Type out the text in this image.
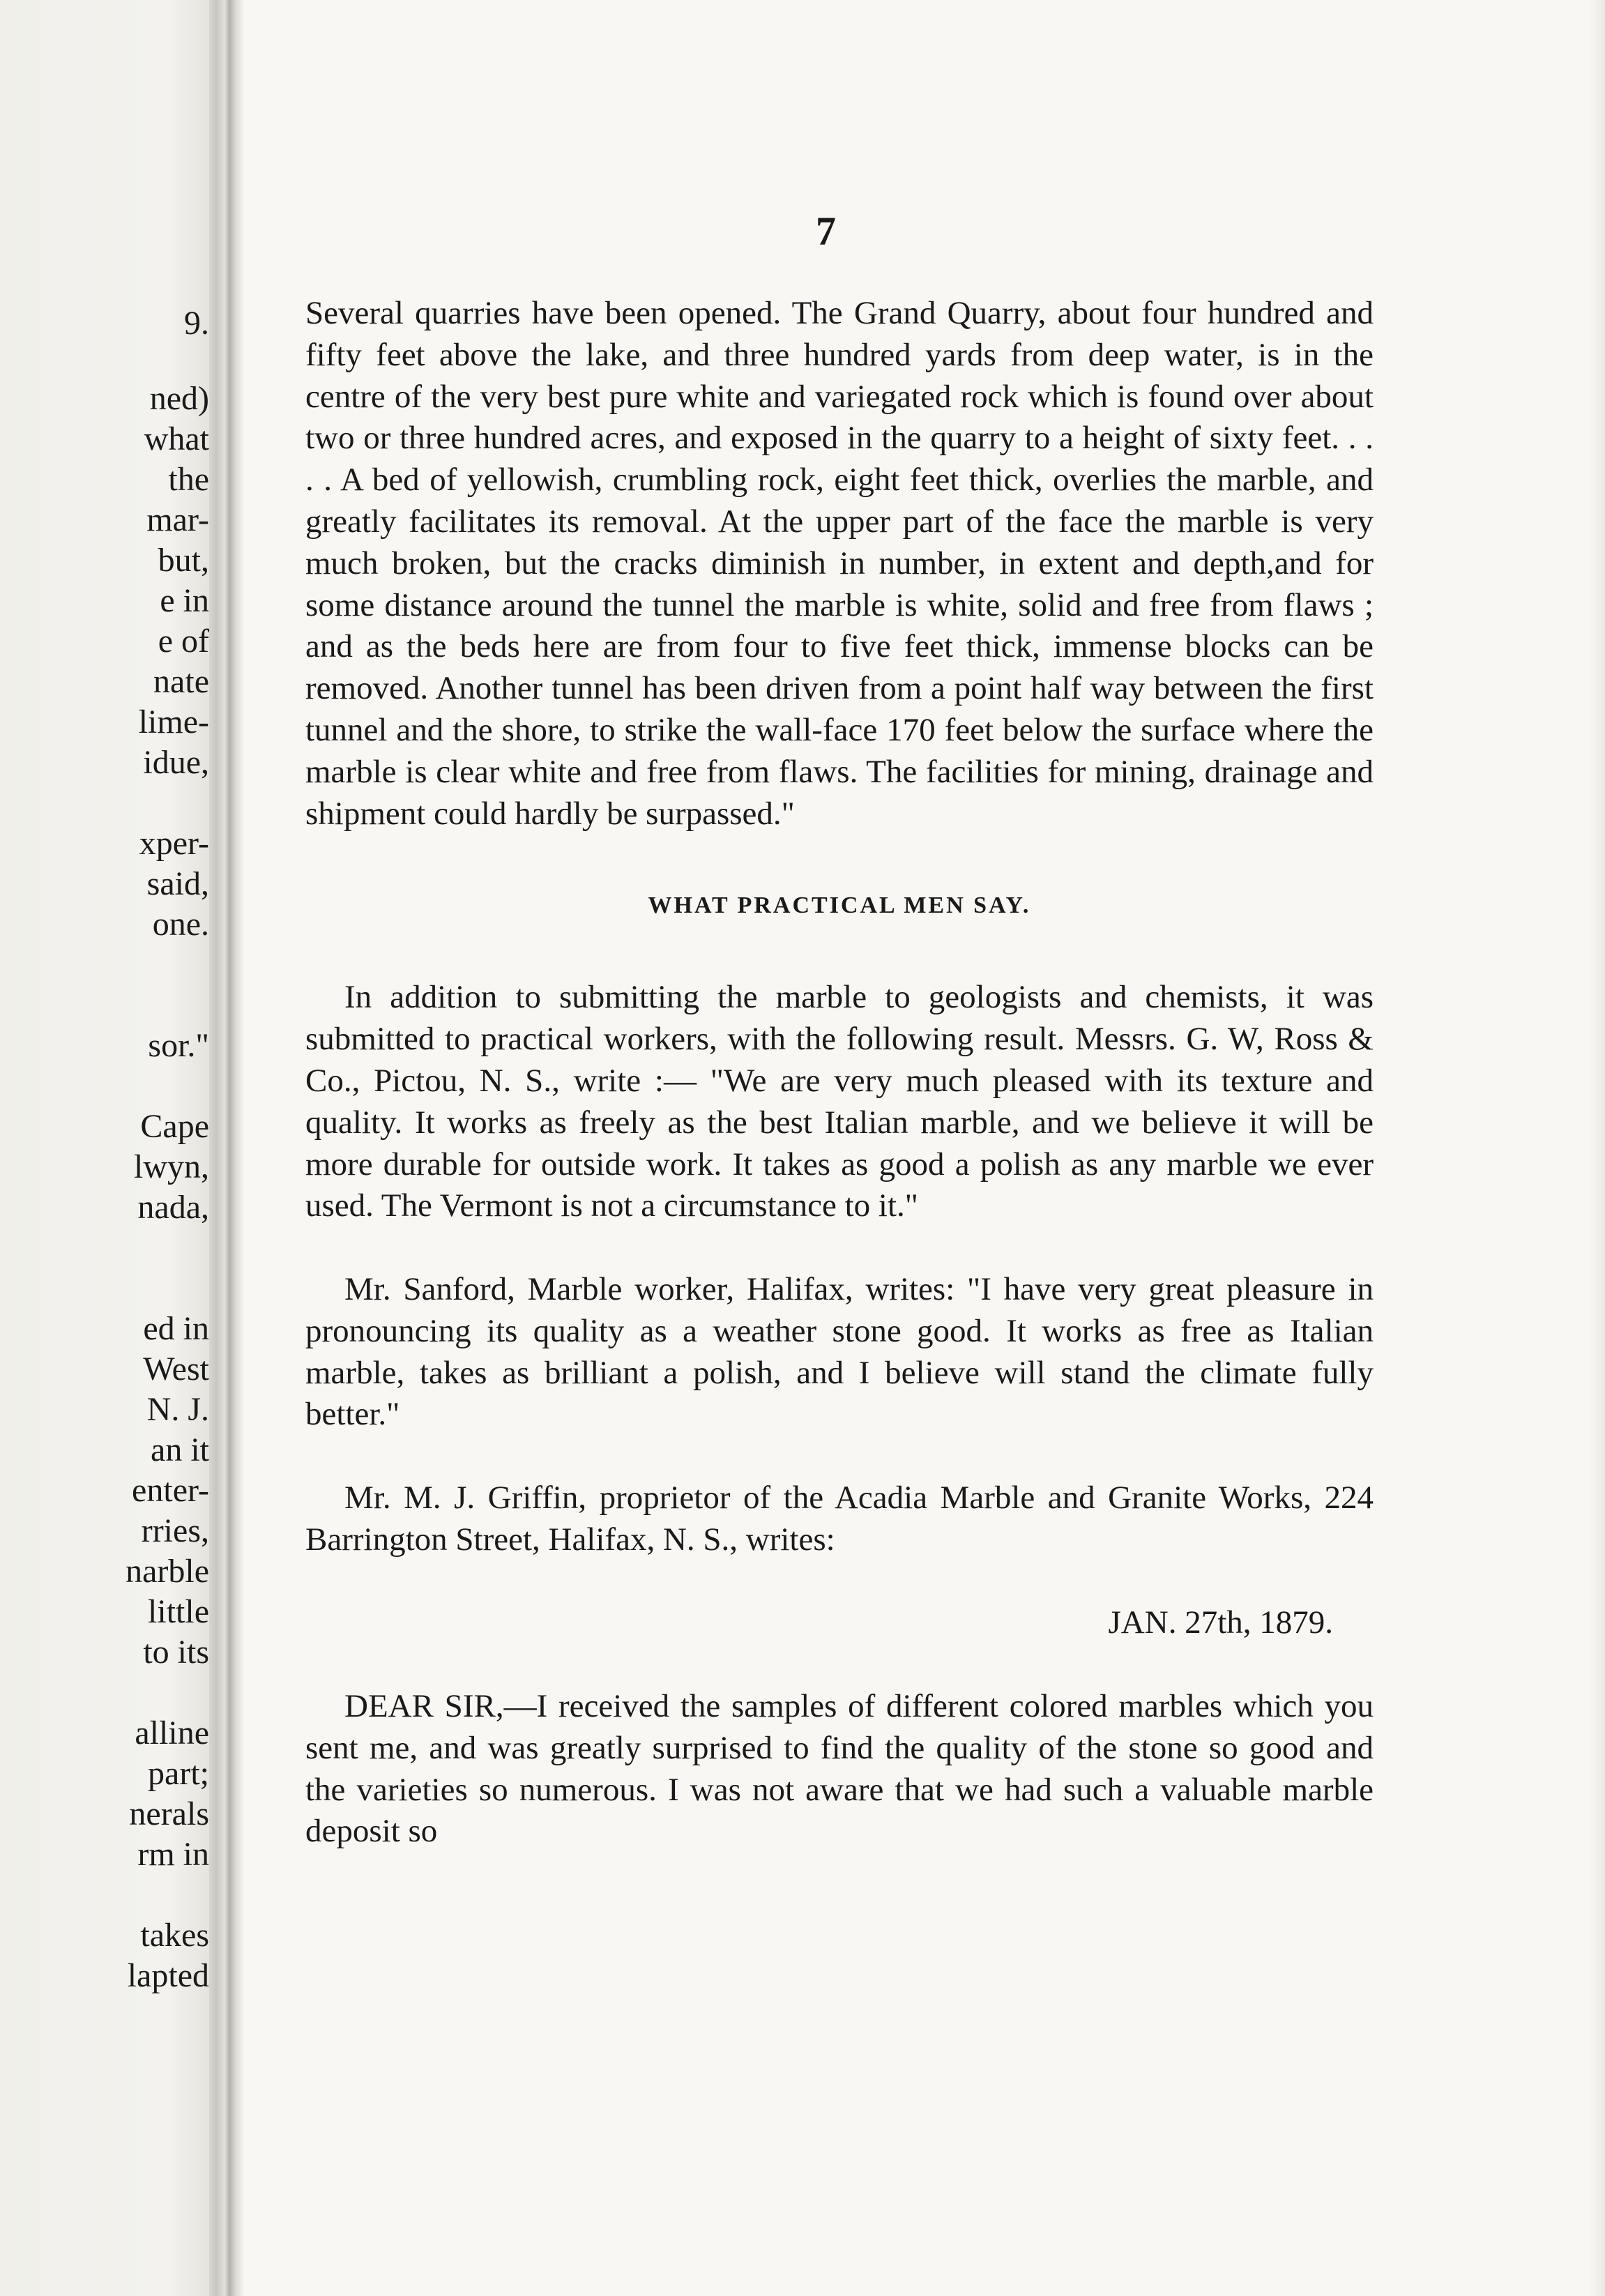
9.
ned)
what
the
mar-
but,
e in
e of
nate
lime-
idue,
xper-
said,
one.
sor."
Cape
lwyn,
nada,
ed in
West
N. J.
an it
enter-
rries,
narble
little
to its
alline
part;
nerals
rm in
takes
lapted
7

Several quarries have been opened. The Grand Quarry, about four hundred and fifty feet above the lake, and three hundred yards from deep water, is in the centre of the very best pure white and variegated rock which is found over about two or three hundred acres, and exposed in the quarry to a height of sixty feet. . . . . A bed of yellowish, crumbling rock, eight feet thick, overlies the marble, and greatly facilitates its removal. At the upper part of the face the marble is very much broken, but the cracks diminish in number, in extent and depth,and for some distance around the tunnel the marble is white, solid and free from flaws ; and as the beds here are from four to five feet thick, immense blocks can be removed. Another tunnel has been driven from a point half way between the first tunnel and the shore, to strike the wall-face 170 feet below the surface where the marble is clear white and free from flaws. The facilities for mining, drainage and shipment could hardly be surpassed."

WHAT PRACTICAL MEN SAY.

In addition to submitting the marble to geologists and chemists, it was submitted to practical workers, with the following result. Messrs. G. W, Ross & Co., Pictou, N. S., write :— "We are very much pleased with its texture and quality. It works as freely as the best Italian marble, and we believe it will be more durable for outside work. It takes as good a polish as any marble we ever used. The Vermont is not a circumstance to it."

Mr. Sanford, Marble worker, Halifax, writes: "I have very great pleasure in pronouncing its quality as a weather stone good. It works as free as Italian marble, takes as brilliant a polish, and I believe will stand the climate fully better."

Mr. M. J. Griffin, proprietor of the Acadia Marble and Granite Works, 224 Barrington Street, Halifax, N. S., writes:

JAN. 27th, 1879.

DEAR SIR,—I received the samples of different colored marbles which you sent me, and was greatly surprised to find the quality of the stone so good and the varieties so numerous. I was not aware that we had such a valuable marble deposit so
